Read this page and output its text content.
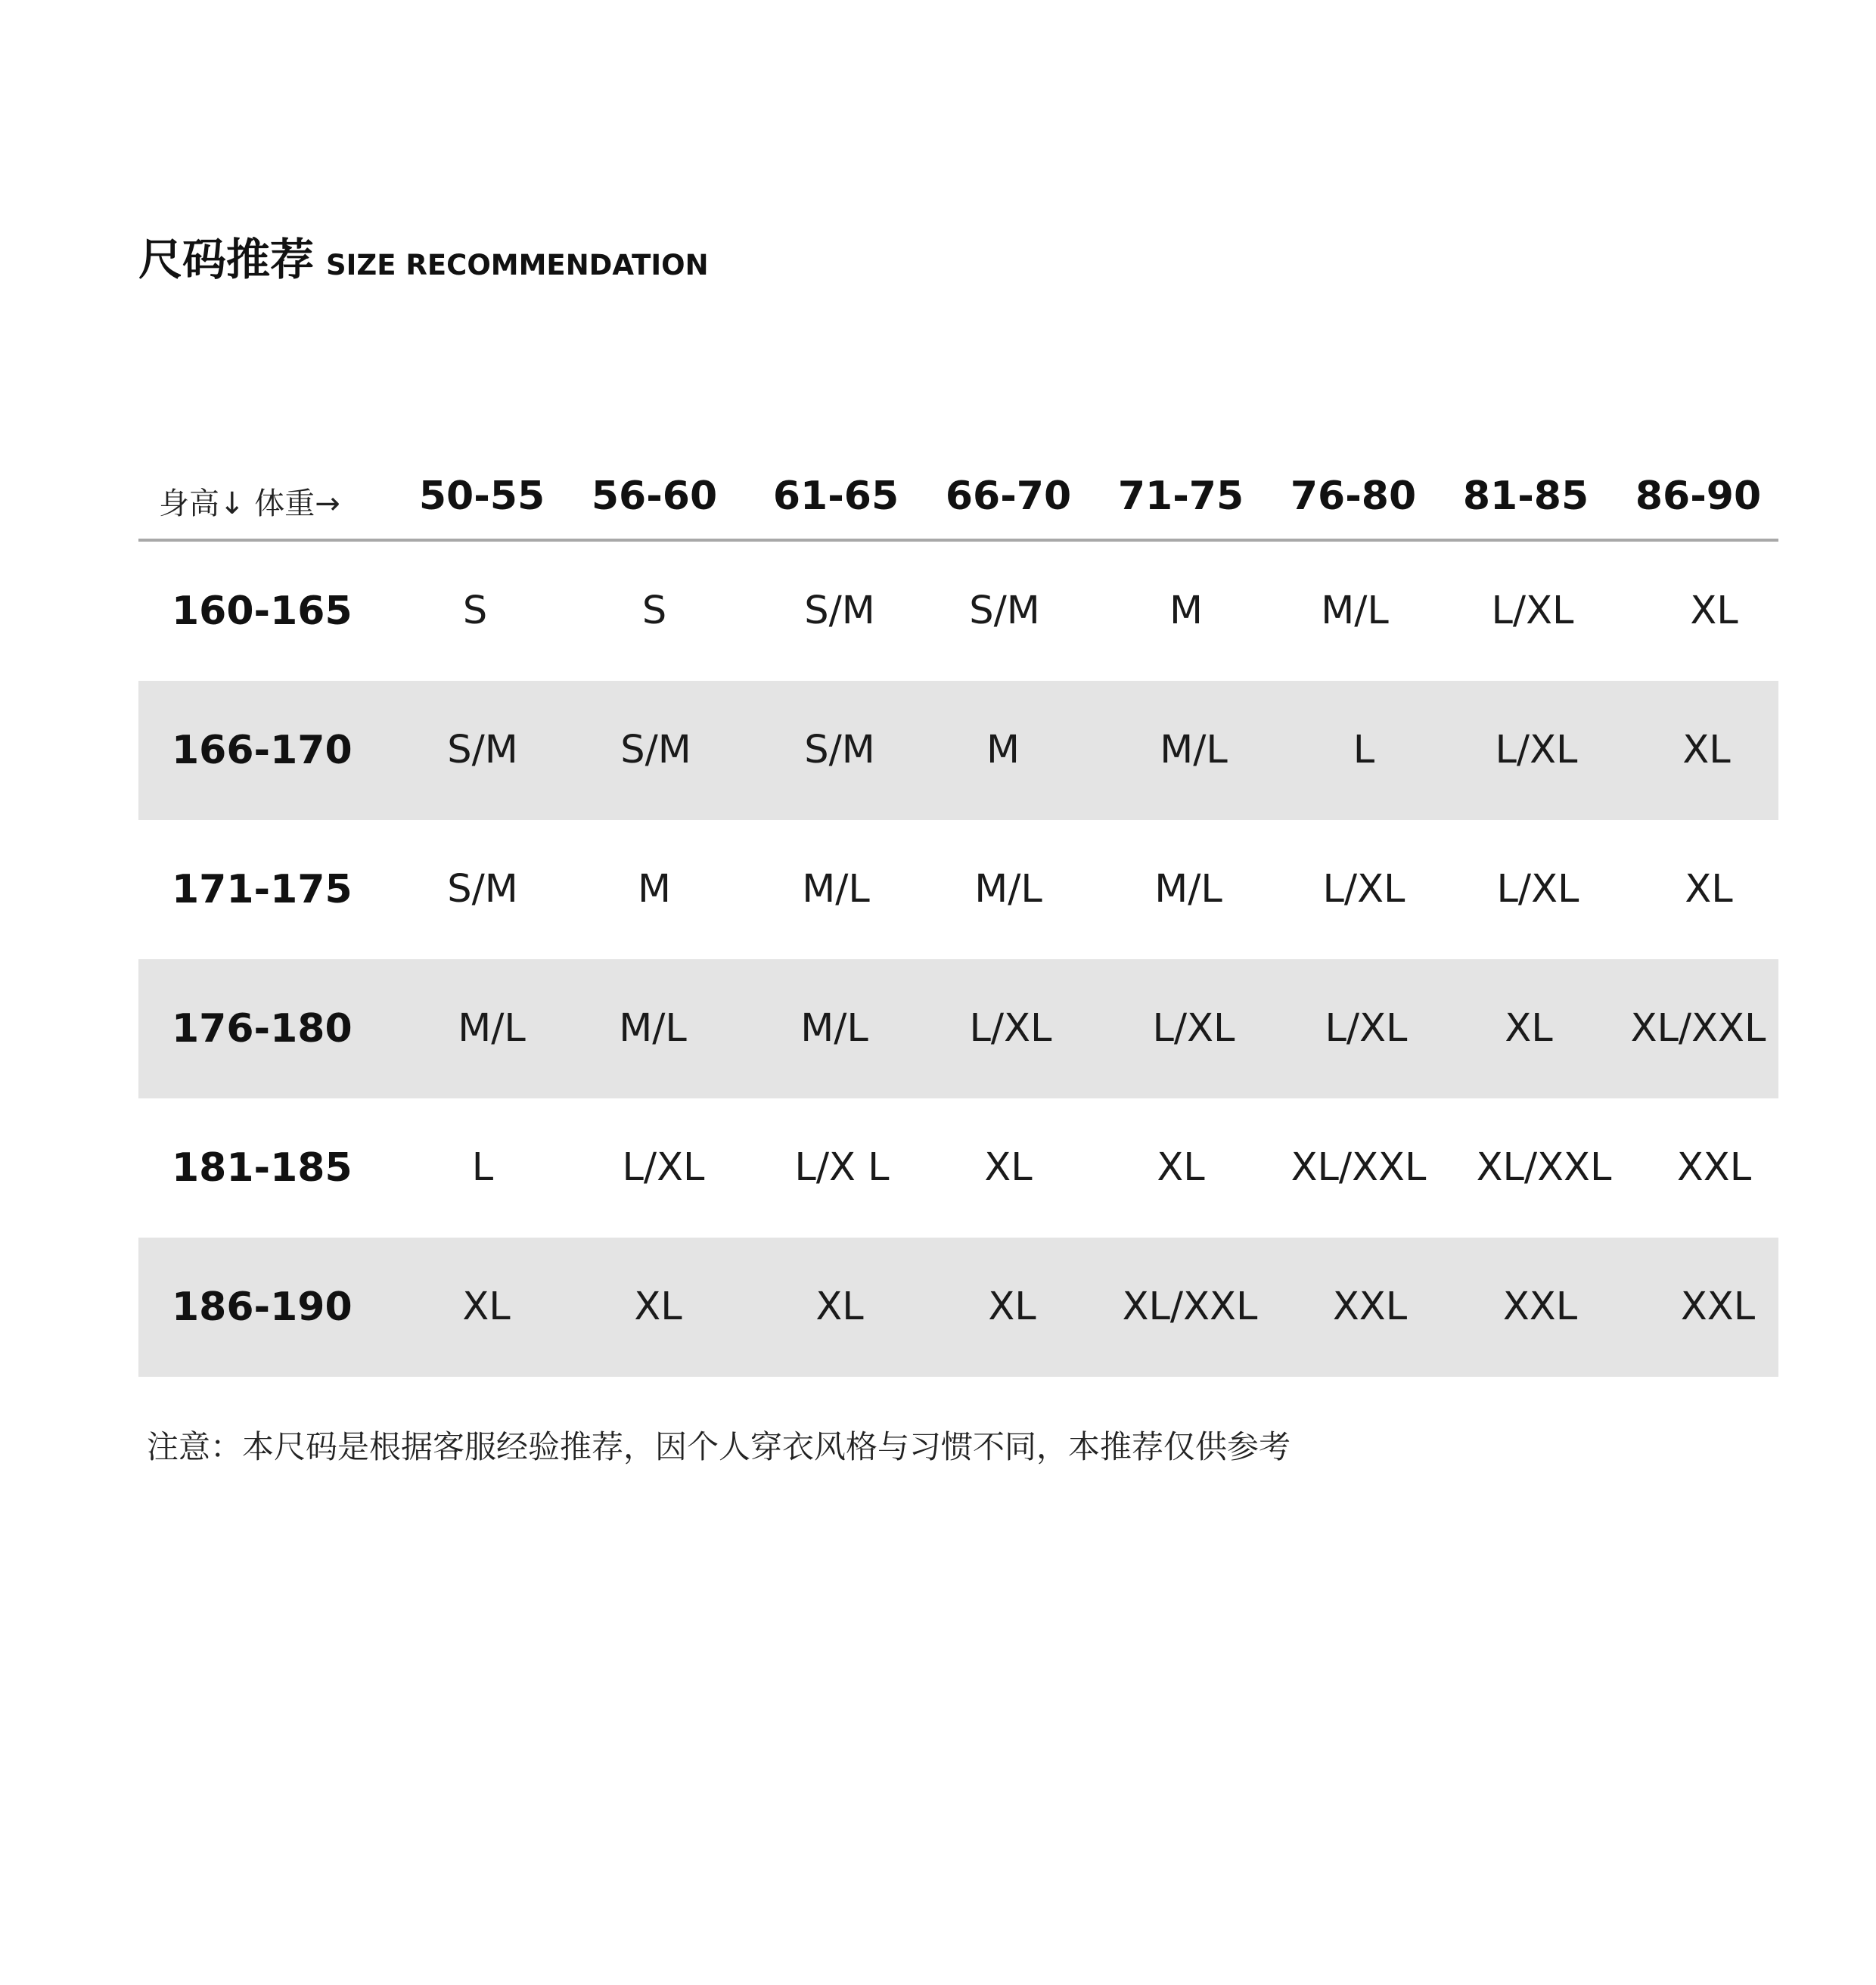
尺码推荐 SIZE RECOMMENDATION
身高↓ 体重→	50-55	56-60	61-65	66-70	71-75	76-80	81-85	86-90
160-165	S	S	S/M	S/M	M	M/L	L/XL	XL
166-170	S/M	S/M	S/M	M	M/L	L	L/XL	XL
171-175	S/M	M	M/L	M/L	M/L	L/XL	L/XL	XL
176-180	M/L	M/L	M/L	L/XL	L/XL	L/XL	XL	XL/XXL
181-185	L	L/XL	L/X L	XL	XL	XL/XXL	XL/XXL	XXL
186-190	XL	XL	XL	XL	XL/XXL	XXL	XXL	XXL
注意：本尺码是根据客服经验推荐，因个人穿衣风格与习惯不同，本推荐仅供参考
